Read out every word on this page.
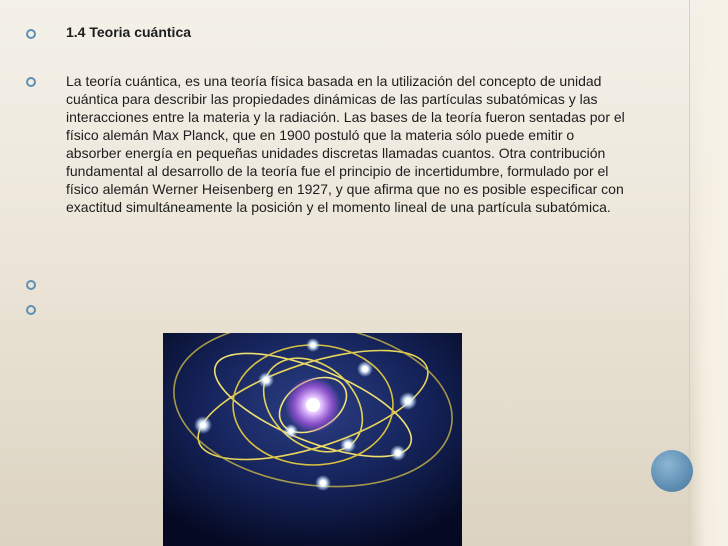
1.4 Teoria cuántica
La teoría cuántica, es una teoría física basada en la utilización del concepto de unidad cuántica para describir las propiedades dinámicas de las partículas subatómicas y las interacciones entre la materia y la radiación. Las bases de la teoría fueron sentadas por el físico alemán Max Planck, que en 1900 postuló que la materia sólo puede emitir o absorber energía en pequeñas unidades discretas llamadas cuantos. Otra contribución fundamental al desarrollo de la teoría fue el principio de incertidumbre, formulado por el físico alemán Werner Heisenberg en 1927, y que afirma que no es posible especificar con exactitud simultáneamente la posición y el momento lineal de una partícula subatómica.
